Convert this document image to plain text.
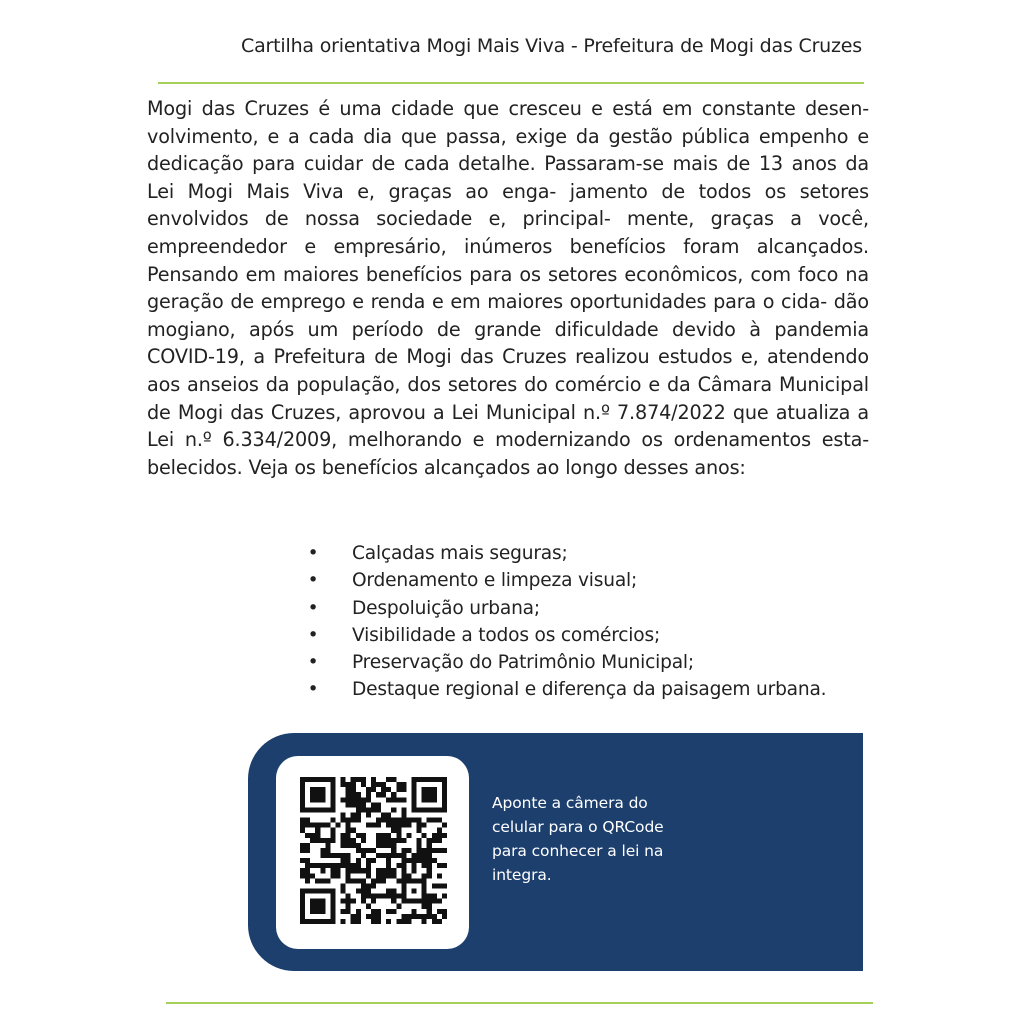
Cartilha orientativa Mogi Mais Viva - Prefeitura de Mogi das Cruzes

Mogi das Cruzes é uma cidade que cresceu e está em constante desen- volvimento, e a cada dia que passa, exige da gestão pública empenho e dedicação para cuidar de cada detalhe. Passaram-se mais de 13 anos da Lei Mogi Mais Viva e, graças ao enga- jamento de todos os setores envolvidos de nossa sociedade e, principal- mente, graças a você, empreendedor e empresário, inúmeros benefícios foram alcançados. Pensando em maiores benefícios para os setores econômicos, com foco na geração de emprego e renda e em maiores oportunidades para o cida- dão mogiano, após um período de grande dificuldade devido à pandemia COVID-19, a Prefeitura de Mogi das Cruzes realizou estudos e, atendendo aos anseios da população, dos setores do comércio e da Câmara Municipal de Mogi das Cruzes, aprovou a Lei Municipal n.º 7.874/2022 que atualiza a Lei n.º 6.334/2009, melhorando e modernizando os ordenamentos esta- belecidos. Veja os benefícios alcançados ao longo desses anos:

• Calçadas mais seguras;
• Ordenamento e limpeza visual;
• Despoluição urbana;
• Visibilidade a todos os comércios;
• Preservação do Patrimônio Municipal;
• Destaque regional e diferença da paisagem urbana.

Aponte a câmera do
celular para o QRCode
para conhecer a lei na
integra.
